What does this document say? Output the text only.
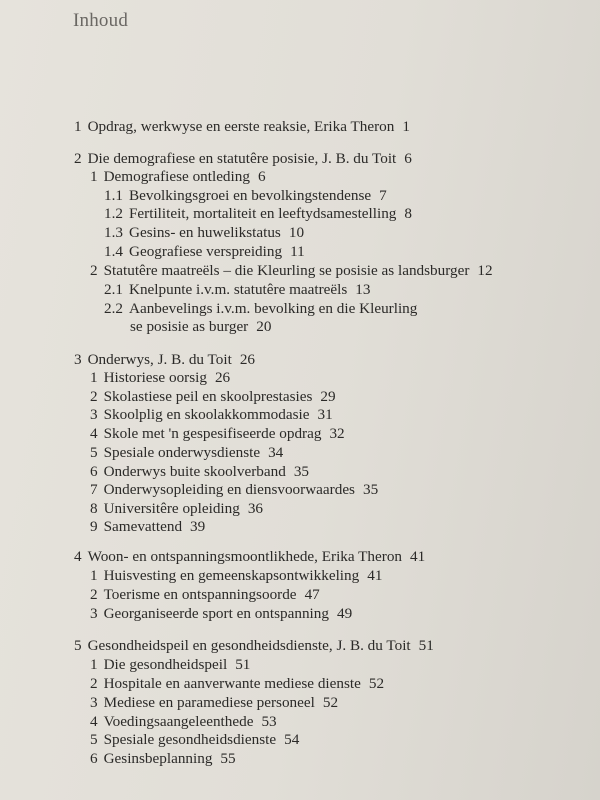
Inhoud
1 Opdrag, werkwyse en eerste reaksie, Erika Theron 1
2 Die demografiese en statutêre posisie, J. B. du Toit 6
1 Demografiese ontleding 6
1.1 Bevolkingsgroei en bevolkingstendense 7
1.2 Fertiliteit, mortaliteit en leeftydsamestelling 8
1.3 Gesins- en huwelikstatus 10
1.4 Geografiese verspreiding 11
2 Statutêre maatreëls – die Kleurling se posisie as landsburger 12
2.1 Knelpunte i.v.m. statutêre maatreëls 13
2.2 Aanbevelings i.v.m. bevolking en die Kleurling
se posisie as burger 20
3 Onderwys, J. B. du Toit 26
1 Historiese oorsig 26
2 Skolastiese peil en skoolprestasies 29
3 Skoolplig en skoolakkommodasie 31
4 Skole met 'n gespesifiseerde opdrag 32
5 Spesiale onderwysdienste 34
6 Onderwys buite skoolverband 35
7 Onderwysopleiding en diensvoorwaardes 35
8 Universitêre opleiding 36
9 Samevattend 39
4 Woon- en ontspanningsmoontlikhede, Erika Theron 41
1 Huisvesting en gemeenskapsontwikkeling 41
2 Toerisme en ontspanningsoorde 47
3 Georganiseerde sport en ontspanning 49
5 Gesondheidspeil en gesondheidsdienste, J. B. du Toit 51
1 Die gesondheidspeil 51
2 Hospitale en aanverwante mediese dienste 52
3 Mediese en paramediese personeel 52
4 Voedingsaangeleenthede 53
5 Spesiale gesondheidsdienste 54
6 Gesinsbeplanning 55
